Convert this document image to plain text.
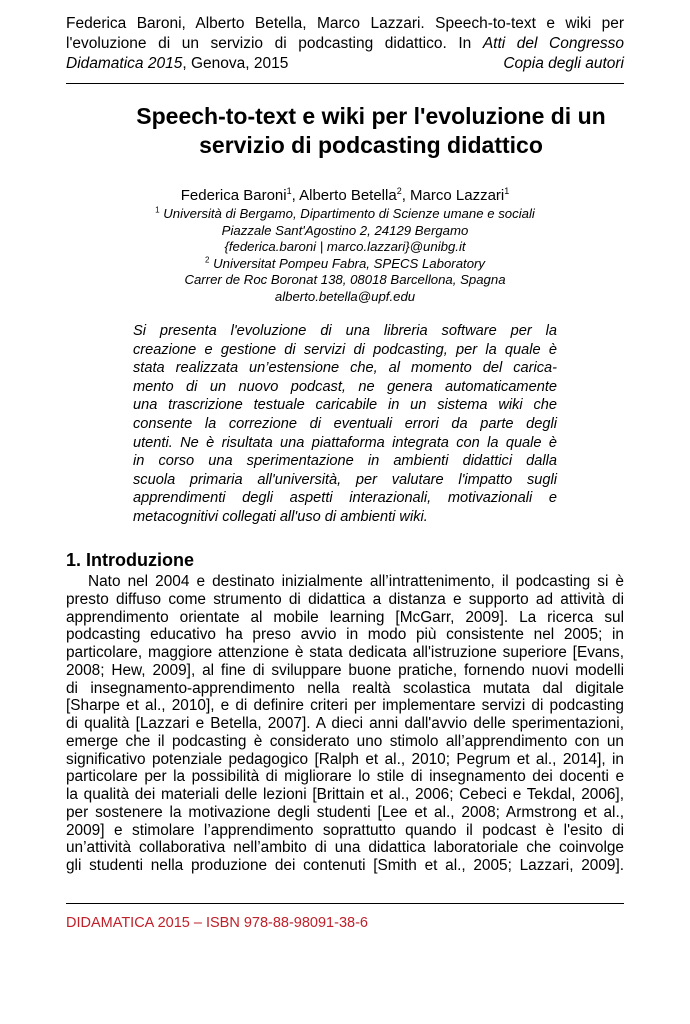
Federica Baroni, Alberto Betella, Marco Lazzari. Speech-to-text e wiki per
l'evoluzione di un servizio di podcasting didattico. In Atti del Congresso
Didamatica 2015, Genova, 2015	Copia degli autori
Speech-to-text e wiki per l'evoluzione di un
servizio di podcasting didattico
Federica Baroni$^1$, Alberto Betella$^2$, Marco Lazzari$^1$
$^1$ Università di Bergamo, Dipartimento di Scienze umane e sociali
Piazzale Sant'Agostino 2, 24129 Bergamo
{federica.baroni | marco.lazzari}@unibg.it
$^2$ Universitat Pompeu Fabra, SPECS Laboratory
Carrer de Roc Boronat 138, 08018 Barcellona, Spagna
alberto.betella@upf.edu
Si presenta l'evoluzione di una libreria software per la
creazione e gestione di servizi di podcasting, per la quale è
stata realizzata un’estensione che, al momento del carica-
mento di un nuovo podcast, ne genera automaticamente
una trascrizione testuale caricabile in un sistema wiki che
consente la correzione di eventuali errori da parte degli
utenti. Ne è risultata una piattaforma integrata con la quale è
in corso una sperimentazione in ambienti didattici dalla
scuola primaria all'università, per valutare l'impatto sugli
apprendimenti degli aspetti interazionali, motivazionali e
metacognitivi collegati all'uso di ambienti wiki.
1. Introduzione
Nato nel 2004 e destinato inizialmente all’intrattenimento, il podcasting si è
presto diffuso come strumento di didattica a distanza e supporto ad attività di
apprendimento orientate al mobile learning [McGarr, 2009]. La ricerca sul
podcasting educativo ha preso avvio in modo più consistente nel 2005; in
particolare, maggiore attenzione è stata dedicata all'istruzione superiore [Evans,
2008; Hew, 2009], al fine di sviluppare buone pratiche, fornendo nuovi modelli
di insegnamento-apprendimento nella realtà scolastica mutata dal digitale
[Sharpe et al., 2010], e di definire criteri per implementare servizi di podcasting
di qualità [Lazzari e Betella, 2007]. A dieci anni dall'avvio delle sperimentazioni,
emerge che il podcasting è considerato uno stimolo all’apprendimento con un
significativo potenziale pedagogico [Ralph et al., 2010; Pegrum et al., 2014], in
particolare per la possibilità di migliorare lo stile di insegnamento dei docenti e
la qualità dei materiali delle lezioni [Brittain et al., 2006; Cebeci e Tekdal, 2006],
per sostenere la motivazione degli studenti [Lee et al., 2008; Armstrong et al.,
2009] e stimolare l’apprendimento soprattutto quando il podcast è l'esito di
un’attività collaborativa nell’ambito di una didattica laboratoriale che coinvolge
gli studenti nella produzione dei contenuti [Smith et al., 2005; Lazzari, 2009].
DIDAMATICA 2015 – ISBN 978-88-98091-38-6
